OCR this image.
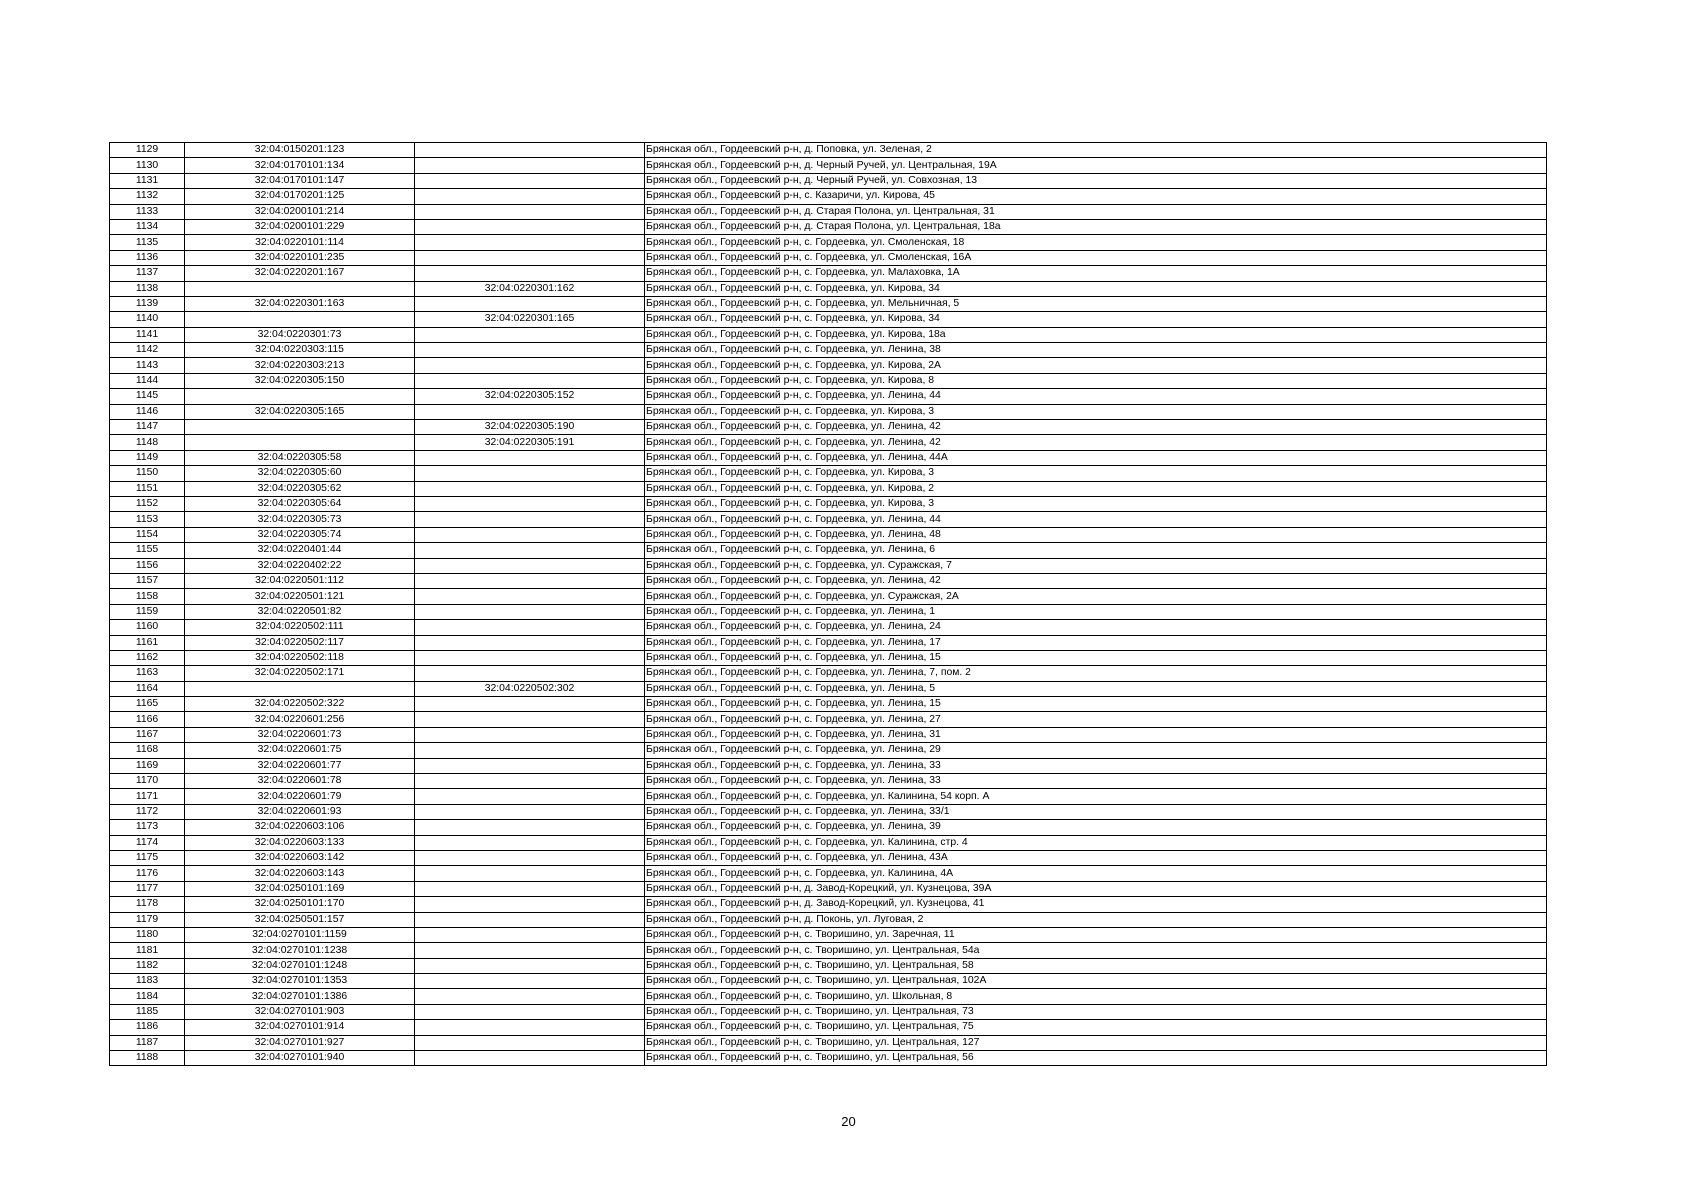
1129	32:04:0150201:123		Брянская обл., Гордеевский р-н, д. Поповка, ул. Зеленая, 2
1130	32:04:0170101:134		Брянская обл., Гордеевский р-н, д. Черный Ручей, ул. Центральная, 19А
1131	32:04:0170101:147		Брянская обл., Гордеевский р-н, д. Черный Ручей, ул. Совхозная, 13
1132	32:04:0170201:125		Брянская обл., Гордеевский р-н, с. Казаричи, ул. Кирова, 45
1133	32:04:0200101:214		Брянская обл., Гордеевский р-н, д. Старая Полона, ул. Центральная, 31
1134	32:04:0200101:229		Брянская обл., Гордеевский р-н, д. Старая Полона, ул. Центральная, 18а
1135	32:04:0220101:114		Брянская обл., Гордеевский р-н, с. Гордеевка, ул. Смоленская, 18
1136	32:04:0220101:235		Брянская обл., Гордеевский р-н, с. Гордеевка, ул. Смоленская, 16А
1137	32:04:0220201:167		Брянская обл., Гордеевский р-н, с. Гордеевка, ул. Малаховка, 1А
1138		32:04:0220301:162	Брянская обл., Гордеевский р-н, с. Гордеевка, ул. Кирова, 34
1139	32:04:0220301:163		Брянская обл., Гордеевский р-н, с. Гордеевка, ул. Мельничная, 5
1140		32:04:0220301:165	Брянская обл., Гордеевский р-н, с. Гордеевка, ул. Кирова, 34
1141	32:04:0220301:73		Брянская обл., Гордеевский р-н, с. Гордеевка, ул. Кирова, 18а
1142	32:04:0220303:115		Брянская обл., Гордеевский р-н, с. Гордеевка, ул. Ленина, 38
1143	32:04:0220303:213		Брянская обл., Гордеевский р-н, с. Гордеевка, ул. Кирова, 2А
1144	32:04:0220305:150		Брянская обл., Гордеевский р-н, с. Гордеевка, ул. Кирова, 8
1145		32:04:0220305:152	Брянская обл., Гордеевский р-н, с. Гордеевка, ул. Ленина, 44
1146	32:04:0220305:165		Брянская обл., Гордеевский р-н, с. Гордеевка, ул. Кирова, 3
1147		32:04:0220305:190	Брянская обл., Гордеевский р-н, с. Гордеевка, ул. Ленина, 42
1148		32:04:0220305:191	Брянская обл., Гордеевский р-н, с. Гордеевка, ул. Ленина, 42
1149	32:04:0220305:58		Брянская обл., Гордеевский р-н, с. Гордеевка, ул. Ленина, 44А
1150	32:04:0220305:60		Брянская обл., Гордеевский р-н, с. Гордеевка, ул. Кирова, 3
1151	32:04:0220305:62		Брянская обл., Гордеевский р-н, с. Гордеевка, ул. Кирова, 2
1152	32:04:0220305:64		Брянская обл., Гордеевский р-н, с. Гордеевка, ул. Кирова, 3
1153	32:04:0220305:73		Брянская обл., Гордеевский р-н, с. Гордеевка, ул. Ленина, 44
1154	32:04:0220305:74		Брянская обл., Гордеевский р-н, с. Гордеевка, ул. Ленина, 48
1155	32:04:0220401:44		Брянская обл., Гордеевский р-н, с. Гордеевка, ул. Ленина, 6
1156	32:04:0220402:22		Брянская обл., Гордеевский р-н, с. Гордеевка, ул. Суражская, 7
1157	32:04:0220501:112		Брянская обл., Гордеевский р-н, с. Гордеевка, ул. Ленина, 42
1158	32:04:0220501:121		Брянская обл., Гордеевский р-н, с. Гордеевка, ул. Суражская, 2А
1159	32:04:0220501:82		Брянская обл., Гордеевский р-н, с. Гордеевка, ул. Ленина, 1
1160	32:04:0220502:111		Брянская обл., Гордеевский р-н, с. Гордеевка, ул. Ленина, 24
1161	32:04:0220502:117		Брянская обл., Гордеевский р-н, с. Гордеевка, ул. Ленина, 17
1162	32:04:0220502:118		Брянская обл., Гордеевский р-н, с. Гордеевка, ул. Ленина, 15
1163	32:04:0220502:171		Брянская обл., Гордеевский р-н, с. Гордеевка, ул. Ленина, 7, пом. 2
1164		32:04:0220502:302	Брянская обл., Гордеевский р-н, с. Гордеевка, ул. Ленина, 5
1165	32:04:0220502:322		Брянская обл., Гордеевский р-н, с. Гордеевка, ул. Ленина, 15
1166	32:04:0220601:256		Брянская обл., Гордеевский р-н, с. Гордеевка, ул. Ленина, 27
1167	32:04:0220601:73		Брянская обл., Гордеевский р-н, с. Гордеевка, ул. Ленина, 31
1168	32:04:0220601:75		Брянская обл., Гордеевский р-н, с. Гордеевка, ул. Ленина, 29
1169	32:04:0220601:77		Брянская обл., Гордеевский р-н, с. Гордеевка, ул. Ленина, 33
1170	32:04:0220601:78		Брянская обл., Гордеевский р-н, с. Гордеевка, ул. Ленина, 33
1171	32:04:0220601:79		Брянская обл., Гордеевский р-н, с. Гордеевка, ул. Калинина, 54 корп. А
1172	32:04:0220601:93		Брянская обл., Гордеевский р-н, с. Гордеевка, ул. Ленина, 33/1
1173	32:04:0220603:106		Брянская обл., Гордеевский р-н, с. Гордеевка, ул. Ленина, 39
1174	32:04:0220603:133		Брянская обл., Гордеевский р-н, с. Гордеевка, ул. Калинина, стр. 4
1175	32:04:0220603:142		Брянская обл., Гордеевский р-н, с. Гордеевка, ул. Ленина, 43А
1176	32:04:0220603:143		Брянская обл., Гордеевский р-н, с. Гордеевка, ул. Калинина, 4А
1177	32:04:0250101:169		Брянская обл., Гордеевский р-н, д. Завод-Корецкий, ул. Кузнецова, 39А
1178	32:04:0250101:170		Брянская обл., Гордеевский р-н, д. Завод-Корецкий, ул. Кузнецова, 41
1179	32:04:0250501:157		Брянская обл., Гордеевский р-н, д. Поконь, ул. Луговая, 2
1180	32:04:0270101:1159		Брянская обл., Гордеевский р-н, с. Творишино, ул. Заречная, 11
1181	32:04:0270101:1238		Брянская обл., Гордеевский р-н, с. Творишино, ул. Центральная, 54а
1182	32:04:0270101:1248		Брянская обл., Гордеевский р-н, с. Творишино, ул. Центральная, 58
1183	32:04:0270101:1353		Брянская обл., Гордеевский р-н, с. Творишино, ул. Центральная, 102А
1184	32:04:0270101:1386		Брянская обл., Гордеевский р-н, с. Творишино, ул. Школьная, 8
1185	32:04:0270101:903		Брянская обл., Гордеевский р-н, с. Творишино, ул. Центральная, 73
1186	32:04:0270101:914		Брянская обл., Гордеевский р-н, с. Творишино, ул. Центральная, 75
1187	32:04:0270101:927		Брянская обл., Гордеевский р-н, с. Творишино, ул. Центральная, 127
1188	32:04:0270101:940		Брянская обл., Гордеевский р-н, с. Творишино, ул. Центральная, 56
20
